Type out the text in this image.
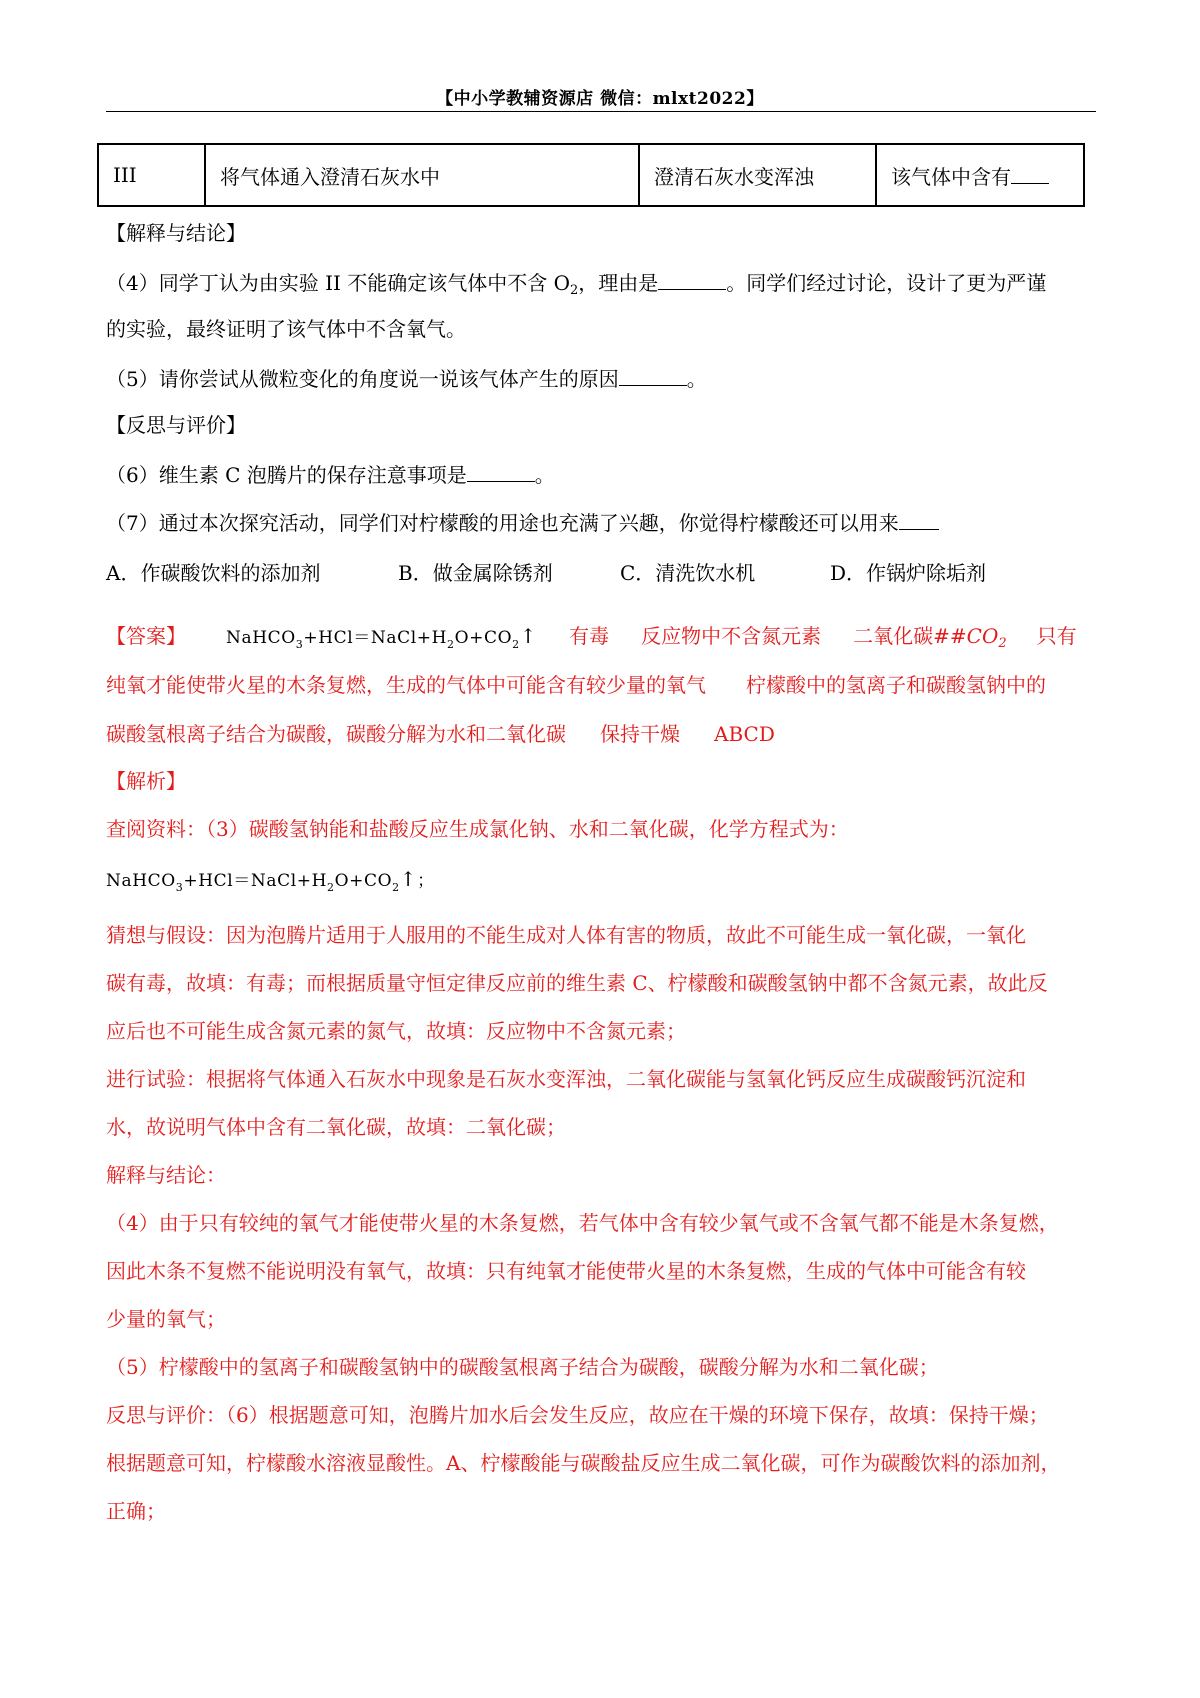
【中小学教辅资源店 微信：mlxt2022】
III	将气体通入澄清石灰水中	澄清石灰水变浑浊	该气体中含有
【解释与结论】
（4）同学丁认为由实验 II 不能确定该气体中不含 $O_2$，理由是	。同学们经过讨论，设计了更为严谨
的实验，最终证明了该气体中不含氧气。
（5）请你尝试从微粒变化的角度说一说该气体产生的原因	。
【反思与评价】
（6）维生素 C 泡腾片的保存注意事项是	。
（7）通过本次探究活动，同学们对柠檬酸的用途也充满了兴趣，你觉得柠檬酸还可以用来
A．作碳酸饮料的添加剂	B．做金属除锈剂	C．清洗饮水机	D．作锅炉除垢剂
【答案】 $NaHCO_3+HCl=NaCl+H_2O+CO_2↑$ 有毒 反应物中不含氮元素 二氧化碳$\#\#CO_2$ 只有
纯氧才能使带火星的木条复燃，生成的气体中可能含有较少量的氧气　　柠檬酸中的氢离子和碳酸氢钠中的
碳酸氢根离子结合为碳酸，碳酸分解为水和二氧化碳 保持干燥 ABCD
【解析】
查阅资料：（3）碳酸氢钠能和盐酸反应生成氯化钠、水和二氧化碳，化学方程式为：
$NaHCO_3+HCl=NaCl+H_2O+CO_2↑$；
猜想与假设：因为泡腾片适用于人服用的不能生成对人体有害的物质，故此不可能生成一氧化碳，一氧化
碳有毒，故填：有毒；而根据质量守恒定律反应前的维生素 C、柠檬酸和碳酸氢钠中都不含氮元素，故此反
应后也不可能生成含氮元素的氮气，故填：反应物中不含氮元素；
进行试验：根据将气体通入石灰水中现象是石灰水变浑浊，二氧化碳能与氢氧化钙反应生成碳酸钙沉淀和
水，故说明气体中含有二氧化碳，故填：二氧化碳；
解释与结论：
（4）由于只有较纯的氧气才能使带火星的木条复燃，若气体中含有较少氧气或不含氧气都不能是木条复燃，
因此木条不复燃不能说明没有氧气，故填：只有纯氧才能使带火星的木条复燃，生成的气体中可能含有较
少量的氧气；
（5）柠檬酸中的氢离子和碳酸氢钠中的碳酸氢根离子结合为碳酸，碳酸分解为水和二氧化碳；
反思与评价：（6）根据题意可知，泡腾片加水后会发生反应，故应在干燥的环境下保存，故填：保持干燥；
根据题意可知，柠檬酸水溶液显酸性。A、柠檬酸能与碳酸盐反应生成二氧化碳，可作为碳酸饮料的添加剂，
正确；
